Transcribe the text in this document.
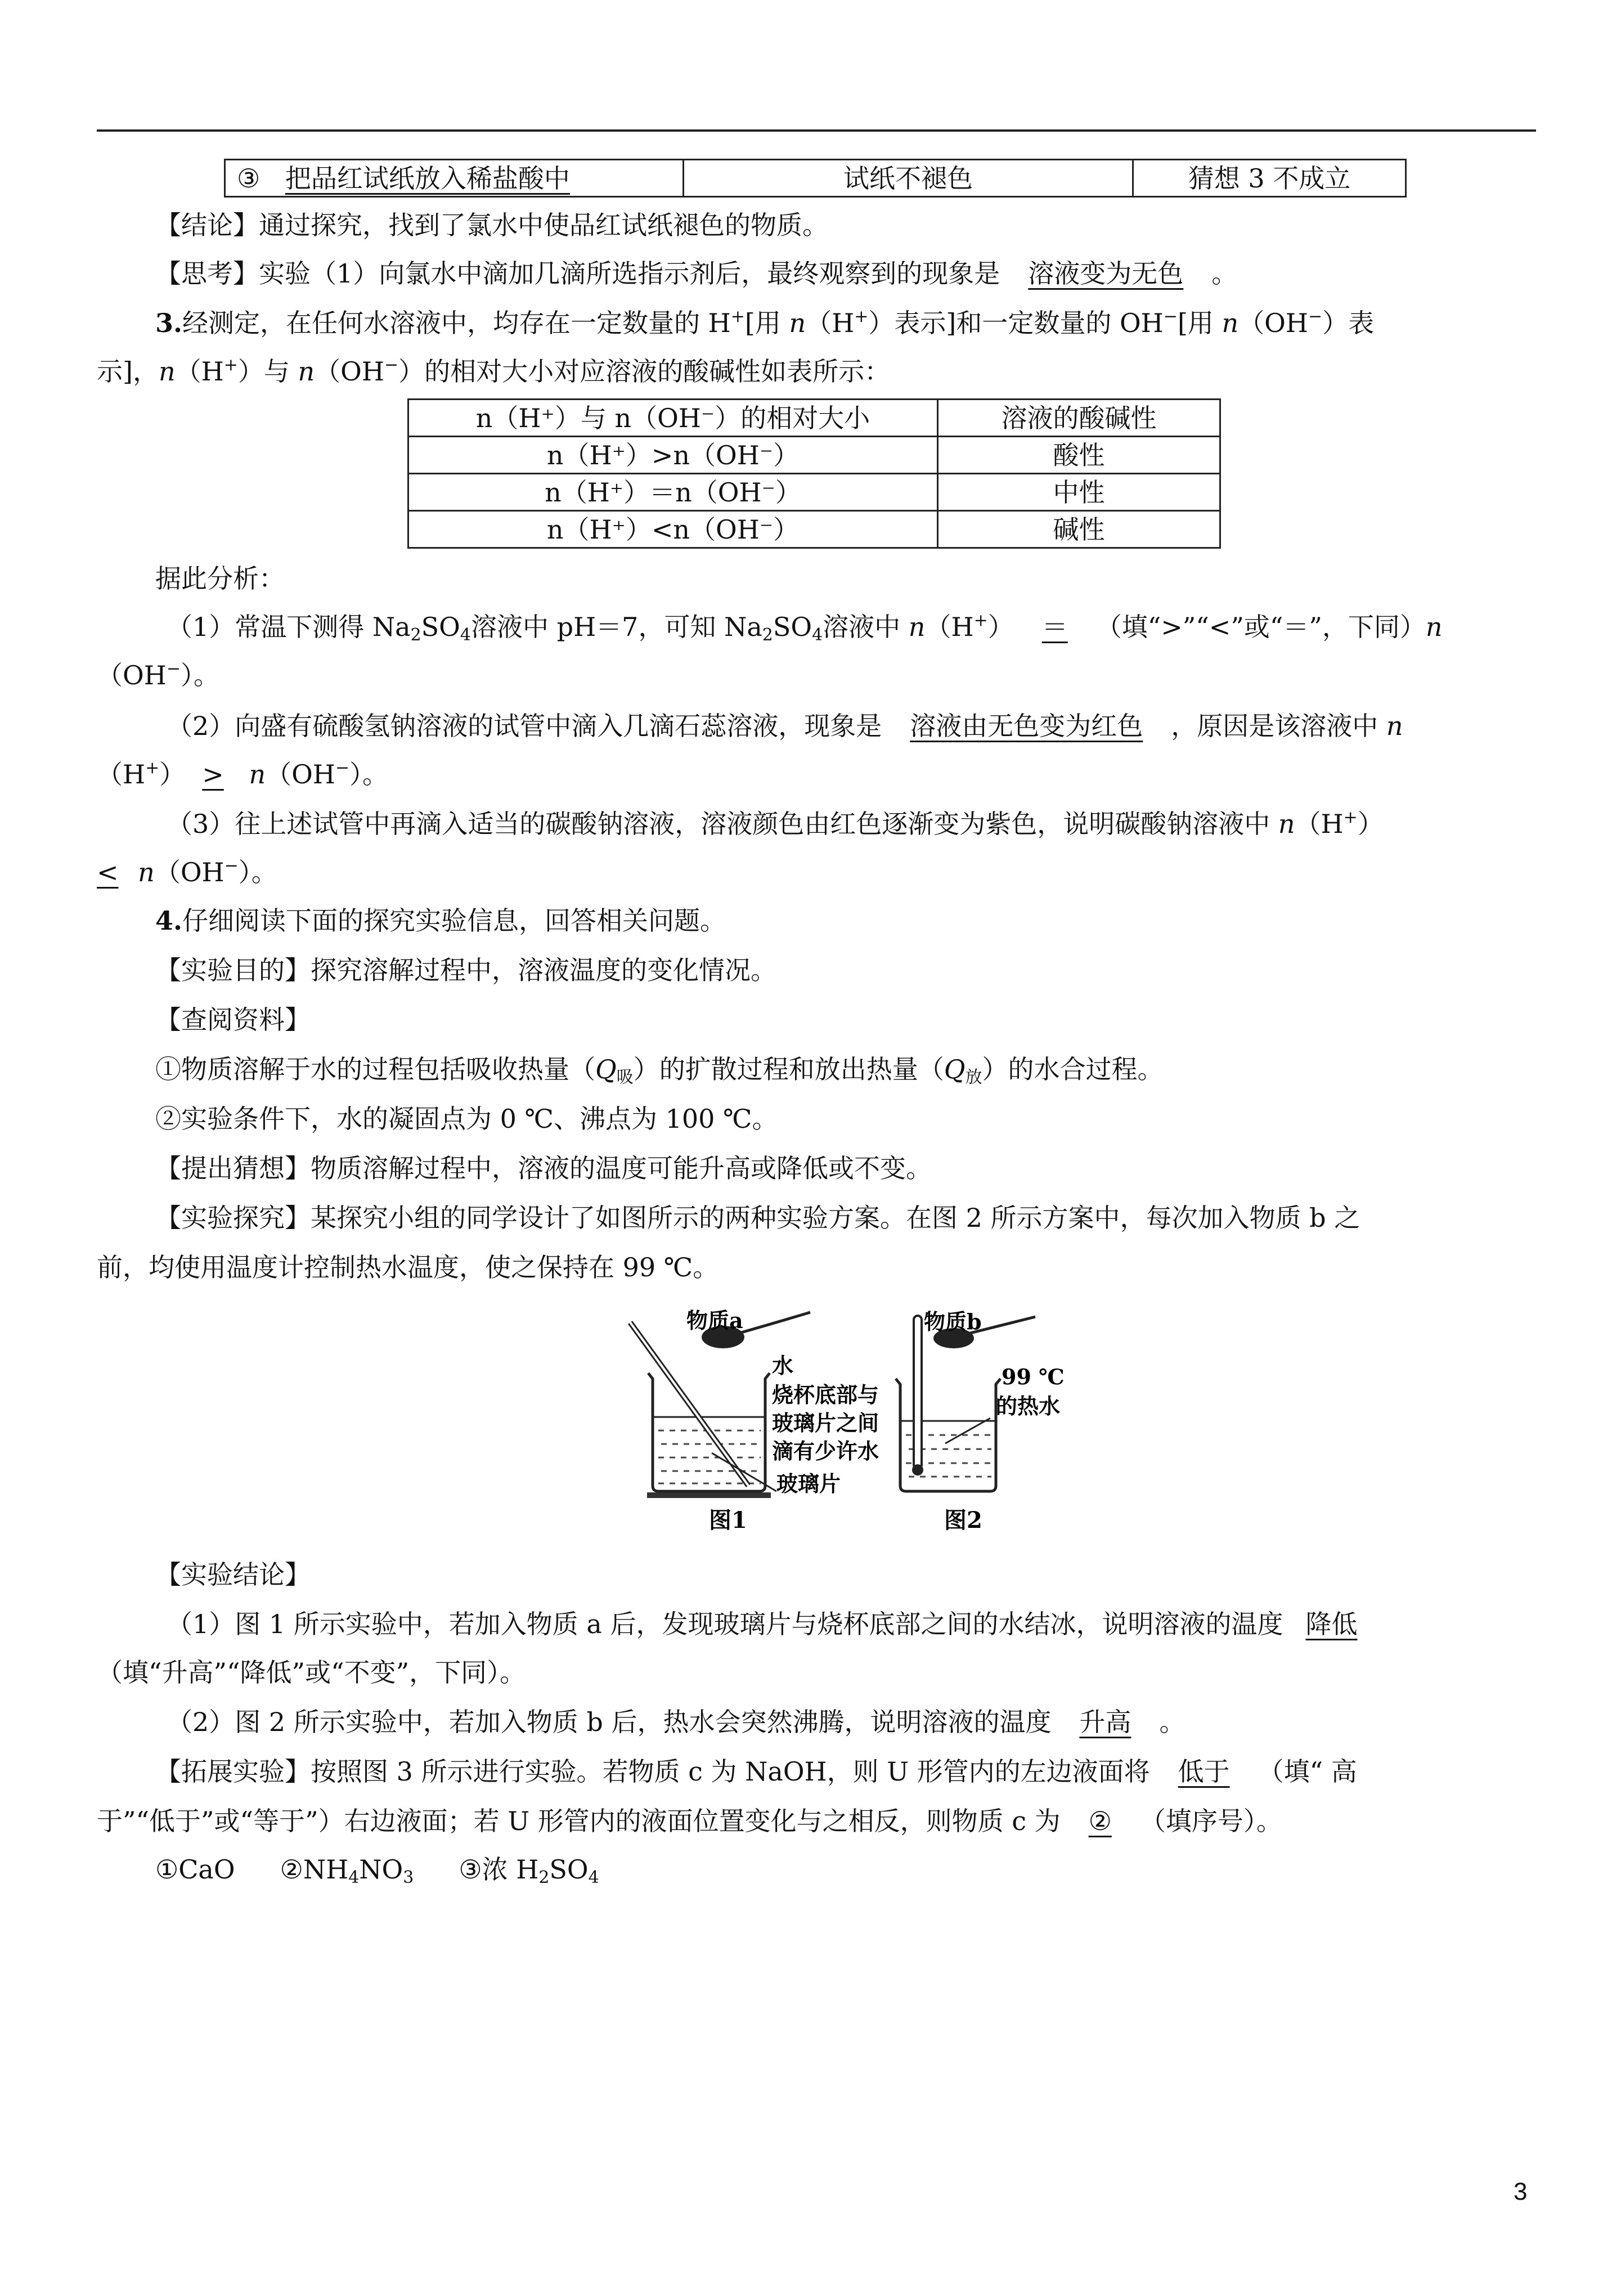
③ 把品红试纸放入稀盐酸中	试纸不褪色	猜想 3 不成立
【结论】通过探究，找到了氯水中使品红试纸褪色的物质。
【思考】实验（1）向氯水中滴加几滴所选指示剂后，最终观察到的现象是 溶液变为无色 。
3.经测定，在任何水溶液中，均存在一定数量的 H+[用 n（H+）表示]和一定数量的 OH−[用 n（OH−）表
示]，n（H+）与 n（OH−）的相对大小对应溶液的酸碱性如表所示：
n（H⁺）与 n（OH⁻）的相对大小	溶液的酸碱性
n（H⁺）>n（OH⁻）	酸性
n（H⁺）＝n（OH⁻）	中性
n（H⁺）<n（OH⁻）	碱性
据此分析：
（1）常温下测得 $Na_2SO_4$溶液中 pH＝7，可知 $Na_2SO_4$溶液中 n（H+） ＝ （填“>”“<”或“＝”，下同）n
（OH−）。
（2）向盛有硫酸氢钠溶液的试管中滴入几滴石蕊溶液，现象是 溶液由无色变为红色 ，原因是该溶液中 n
（H+） > n（OH−）。
（3）往上述试管中再滴入适当的碳酸钠溶液，溶液颜色由红色逐渐变为紫色，说明碳酸钠溶液中 n（H+）
< n（OH−）。
4.仔细阅读下面的探究实验信息，回答相关问题。
【实验目的】探究溶解过程中，溶液温度的变化情况。
【查阅资料】
①物质溶解于水的过程包括吸收热量$(Q_吸)$的扩散过程和放出热量$(Q_放)$的水合过程。
②实验条件下，水的凝固点为 0 ℃、沸点为 100 ℃。
【提出猜想】物质溶解过程中，溶液的温度可能升高或降低或不变。
【实验探究】某探究小组的同学设计了如图所示的两种实验方案。在图 2 所示方案中，每次加入物质 b 之
前，均使用温度计控制热水温度，使之保持在 99 ℃。
物质a
水
烧杯底部与
玻璃片之间
滴有少许水
玻璃片
图1
物质b
99 ℃
的热水
图2
【实验结论】
（1）图 1 所示实验中，若加入物质 a 后，发现玻璃片与烧杯底部之间的水结冰，说明溶液的温度 降低
（填“升高”“降低”或“不变”，下同）。
（2）图 2 所示实验中，若加入物质 b 后，热水会突然沸腾，说明溶液的温度 升高 。
【拓展实验】按照图 3 所示进行实验。若物质 c 为 NaOH，则 U 形管内的左边液面将 低于 （填“ 高
于”“低于”或“等于”）右边液面；若 U 形管内的液面位置变化与之相反，则物质 c 为 ② （填序号）。
①CaO $②NH_4NO_3$ ③浓 $H_2SO_4$
3
